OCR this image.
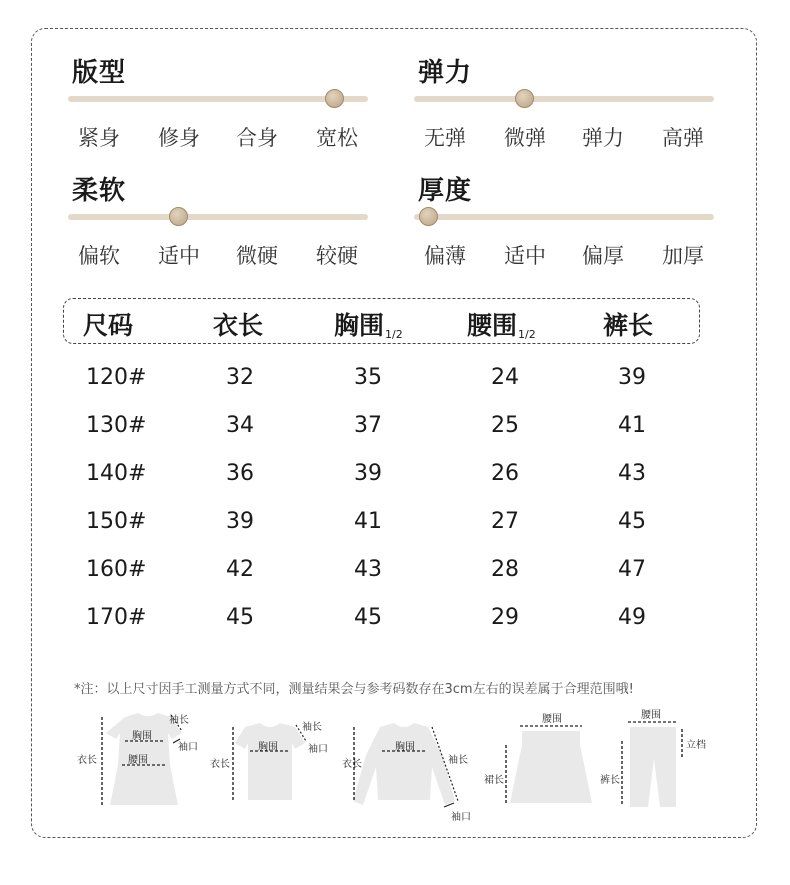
版型
紧身 修身 合身 宽松
弹力
无弹 微弹 弹力 高弹
柔软
偏软 适中 微硬 较硬
厚度
偏薄 适中 偏厚 加厚
尺码	衣长	胸围$_{1/2}$	腰围$_{1/2}$	裤长
120#	32	35	24	39
130#	34	37	25	41
140#	36	39	26	43
150#	39	41	27	45
160#	42	43	28	47
170#	45	45	29	49
*注：以上尺寸因手工测量方式不同，测量结果会与参考码数存在3cm左右的误差属于合理范围哦!
胸围
腰围
衣长
袖长
袖口	胸围
衣长
袖长
袖口	胸围
衣长	袖长
袖口
腰围
裙长
腰围
裤长
立档
